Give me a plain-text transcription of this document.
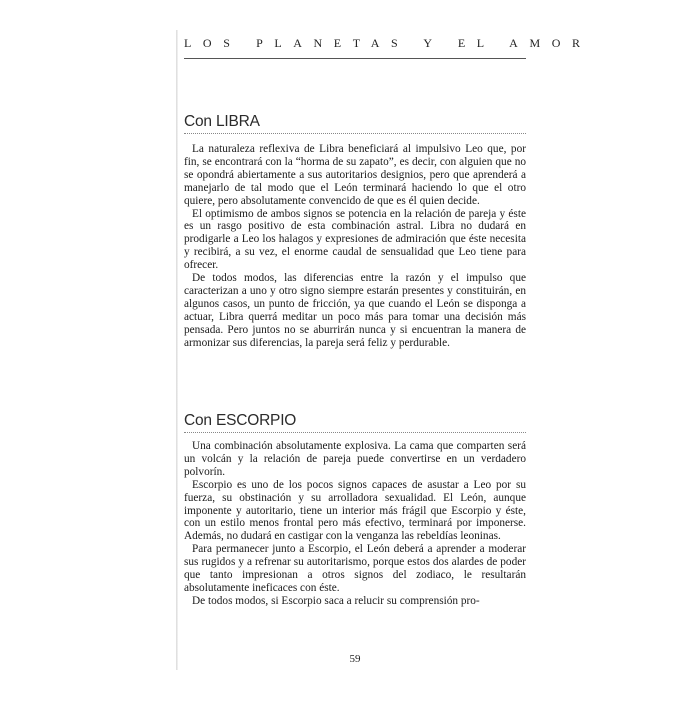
LOS PLANETAS Y EL AMOR
Con LIBRA

La naturaleza reflexiva de Libra beneficiará al impulsivo Leo que, por fin, se encontrará con la “horma de su zapato”, es decir, con alguien que no se opondrá abiertamente a sus autoritarios designios, pero que aprenderá a manejarlo de tal modo que el León terminará haciendo lo que el otro quiere, pero absolutamente convencido de que es él quien decide.

El optimismo de ambos signos se potencia en la relación de pareja y éste es un rasgo positivo de esta combinación astral. Libra no dudará en prodigarle a Leo los halagos y expresiones de admiración que éste necesita y recibirá, a su vez, el enorme caudal de sensualidad que Leo tiene para ofrecer.

De todos modos, las diferencias entre la razón y el impulso que caracterizan a uno y otro signo siempre estarán presentes y constituirán, en algunos casos, un punto de fricción, ya que cuando el León se disponga a actuar, Libra querrá meditar un poco más para tomar una decisión más pensada. Pero juntos no se aburrirán nunca y si encuentran la manera de armonizar sus diferencias, la pareja será feliz y perdurable.

Con ESCORPIO

Una combinación absolutamente explosiva. La cama que comparten será un volcán y la relación de pareja puede convertirse en un verdadero polvorín.

Escorpio es uno de los pocos signos capaces de asustar a Leo por su fuerza, su obstinación y su arrolladora sexualidad. El León, aunque imponente y autoritario, tiene un interior más frágil que Escorpio y éste, con un estilo menos frontal pero más efectivo, terminará por imponerse. Además, no dudará en castigar con la venganza las rebeldías leoninas.

Para permanecer junto a Escorpio, el León deberá a aprender a moderar sus rugidos y a refrenar su autoritarismo, porque estos dos alardes de poder que tanto impresionan a otros signos del zodiaco, le resultarán absolutamente ineficaces con éste.

De todos modos, si Escorpio saca a relucir su comprensión pro-

59
